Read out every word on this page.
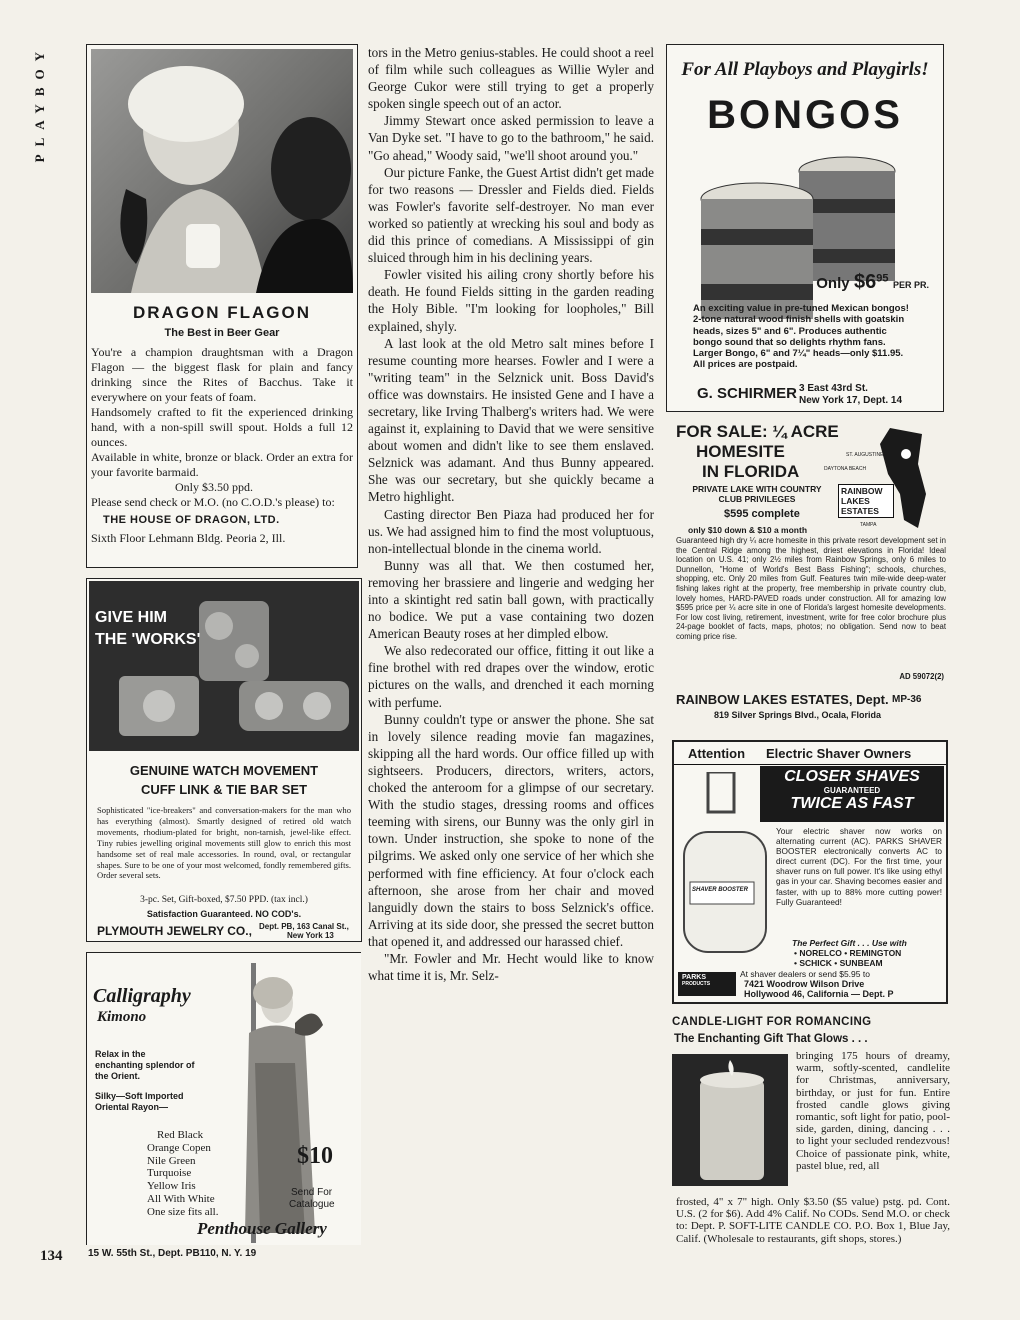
PLAYBOY
134
DRAGON FLAGON
The Best in Beer Gear

You're a champion draughtsman with a Dragon Flagon — the biggest flask for plain and fancy drinking since the Rites of Bacchus. Take it everywhere on your feats of foam.

Handsomely crafted to fit the experienced drinking hand, with a non-spill swill spout. Holds a full 12 ounces.

Available in white, bronze or black. Order an extra for your favorite barmaid.

Only $3.50 ppd.

Please send check or M.O. (no C.O.D.'s please) to:

THE HOUSE OF DRAGON, LTD.

Sixth Floor Lehmann Bldg. Peoria 2, Ill.

GIVE HIM
THE 'WORKS'
GENUINE WATCH MOVEMENT
CUFF LINK & TIE BAR SET

Sophisticated "ice-breakers" and conversation-makers for the man who has everything (almost). Smartly designed of retired old watch movements, rhodium-plated for bright, non-tarnish, jewel-like effect. Tiny rubies jewelling original movements still glow to enrich this most handsome set of real male accessories. In round, oval, or rectangular shapes. Sure to be one of your most welcomed, fondly remembered gifts. Order several sets.

3-pc. Set, Gift-boxed, $7.50 PPD. (tax incl.)

Satisfaction Guaranteed. NO COD's.

PLYMOUTH JEWELRY CO., Dept. PB, 163 Canal St.,
New York 13
Calligraphy
Kimono

Relax in the enchanting splendor of the Orient.

Silky—Soft Imported Oriental Rayon—

Red Black
Orange Copen
Nile Green
Turquoise
Yellow Iris
All With White
One size fits all.
$10
Send For
Catalogue
Penthouse Gallery
15 W. 55th St., Dept. PB110, N. Y. 19

tors in the Metro genius-stables. He could shoot a reel of film while such colleagues as Willie Wyler and George Cukor were still trying to get a properly spoken single speech out of an actor.

Jimmy Stewart once asked permission to leave a Van Dyke set. "I have to go to the bathroom," he said. "Go ahead," Woody said, "we'll shoot around you."

Our picture Fanke, the Guest Artist didn't get made for two reasons — Dressler and Fields died. Fields was Fowler's favorite self-destroyer. No man ever worked so patiently at wrecking his soul and body as did this prince of comedians. A Mississippi of gin sluiced through him in his declining years.

Fowler visited his ailing crony shortly before his death. He found Fields sitting in the garden reading the Holy Bible. "I'm looking for loopholes," Bill explained, shyly.

A last look at the old Metro salt mines before I resume counting more hearses. Fowler and I were a "writing team" in the Selznick unit. Boss David's office was downstairs. He insisted Gene and I have a secretary, like Irving Thalberg's writers had. We were against it, explaining to David that we were sensitive about women and didn't like to see them enslaved. Selznick was adamant. And thus Bunny appeared. She was our secretary, but she quickly became a Metro highlight.

Casting director Ben Piaza had produced her for us. We had assigned him to find the most voluptuous, non-intellectual blonde in the cinema world.

Bunny was all that. We then costumed her, removing her brassiere and lingerie and wedging her into a skintight red satin ball gown, with practically no bodice. We put a vase containing two dozen American Beauty roses at her dimpled elbow.

We also redecorated our office, fitting it out like a fine brothel with red drapes over the window, erotic pictures on the walls, and drenched it each morning with perfume.

Bunny couldn't type or answer the phone. She sat in lovely silence reading movie fan magazines, skipping all the hard words. Our office filled up with sightseers. Producers, directors, writers, actors, choked the anteroom for a glimpse of our secretary. With the studio stages, dressing rooms and offices teeming with sirens, our Bunny was the only girl in town. Under instruction, she spoke to none of the pilgrims. We asked only one service of her which she performed with fine efficiency. At four o'clock each afternoon, she arose from her chair and moved languidly down the stairs to boss Selznick's office. Arriving at its side door, she pressed the secret button that opened it, and addressed our harassed chief.

"Mr. Fowler and Mr. Hecht would like to know what time it is, Mr. Selz-

For All Playboys and Playgirls!
BONGOS
Only $\$6^{95}$ PER PR.

An exciting value in pre-tuned Mexican bongos! 2-tone natural wood finish shells with goatskin heads, sizes 5" and 6". Produces authentic bongo sound that so delights rhythm fans. Larger Bongo, 6" and 7¼" heads—only $11.95. All prices are postpaid.

G. SCHIRMER 3 East 43rd St.
New York 17, Dept. 14
FOR SALE: ¼ ACRE
HOMESITE
IN FLORIDA
PRIVATE LAKE WITH COUNTRY CLUB PRIVILEGES
$595 complete
only $10 down & $10 a month
ST. AUGUSTINE
DAYTONA BEACH
TAMPA
RAINBOW
LAKES
ESTATES

Guaranteed high dry ¼ acre homesite in this private resort development set in the Central Ridge among the highest, driest elevations in Florida! Ideal location on U.S. 41; only 2½ miles from Rainbow Springs, only 6 miles to Dunnellon, "Home of World's Best Bass Fishing"; schools, churches, shopping, etc. Only 20 miles from Gulf. Features twin mile-wide deep-water fishing lakes right at the property, free membership in private country club, lovely homes, HARD-PAVED roads under construction. All for amazing low $595 price per ¼ acre site in one of Florida's largest homesite developments. For low cost living, retirement, investment, write for free color brochure plus 24-page booklet of facts, maps, photos; no obligation. Send now to beat coming price rise.

AD 59072(2)
RAINBOW LAKES ESTATES, Dept. MP-36
819 Silver Springs Blvd., Ocala, Florida
Attention Electric Shaver Owners
CLOSER SHAVES
GUARANTEED
TWICE AS FAST
SHAVER BOOSTER

Your electric shaver now works on alternating current (AC). PARKS SHAVER BOOSTER electronically converts AC to direct current (DC). For the first time, your shaver runs on full power. It's like using ethyl gas in your car. Shaving becomes easier and faster, with up to 88% more cutting power! Fully Guaranteed!

The Perfect Gift . . . Use with
• NORELCO • REMINGTON
• SCHICK • SUNBEAM
PARKS
PRODUCTS
At shaver dealers or send $5.95 to
7421 Woodrow Wilson Drive
Hollywood 46, California — Dept. P
CANDLE-LIGHT FOR ROMANCING
The Enchanting Gift That Glows . . .

bringing 175 hours of dreamy, warm, softly-scented, candlelite for Christmas, anniversary, birthday, or just for fun. Entire frosted candle glows giving romantic, soft light for patio, pool-side, garden, dining, dancing . . . to light your secluded rendezvous! Choice of passionate pink, white, pastel blue, red, all

frosted, 4" x 7" high. Only $3.50 ($5 value) pstg. pd. Cont. U.S. (2 for $6). Add 4% Calif. No CODs. Send M.O. or check to: Dept. P. SOFT-LITE CANDLE CO. P.O. Box 1, Blue Jay, Calif. (Wholesale to restaurants, gift shops, stores.)
